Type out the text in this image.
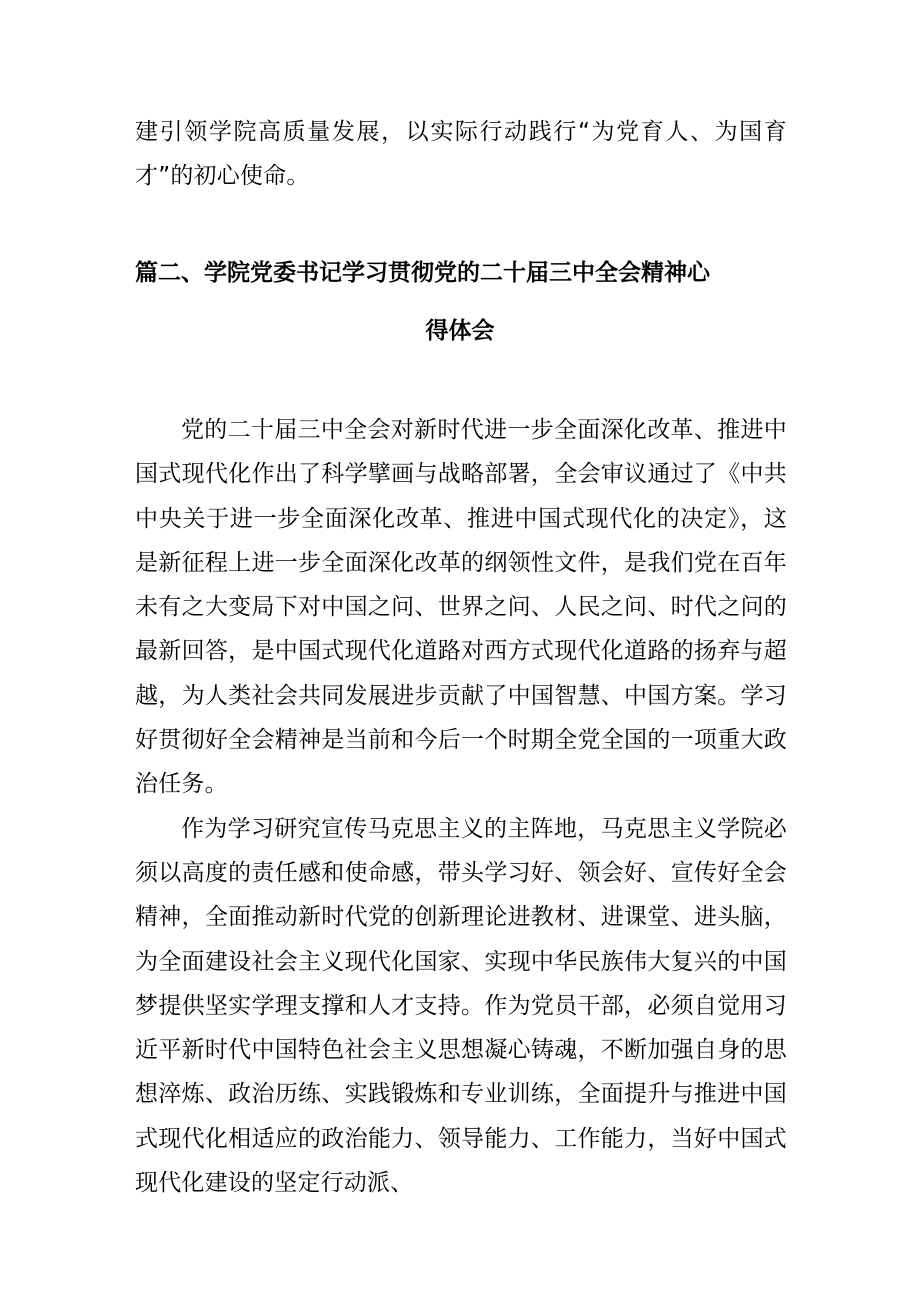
建引领学院高质量发展，以实际行动践行“为党育人、为国育才”的初心使命。
篇二、学院党委书记学习贯彻党的二十届三中全会精神心
得体会

党的二十届三中全会对新时代进一步全面深化改革、推进中国式现代化作出了科学擘画与战略部署，全会审议通过了《中共中央关于进一步全面深化改革、推进中国式现代化的决定》，这是新征程上进一步全面深化改革的纲领性文件，是我们党在百年未有之大变局下对中国之问、世界之问、人民之问、时代之问的最新回答，是中国式现代化道路对西方式现代化道路的扬弃与超越，为人类社会共同发展进步贡献了中国智慧、中国方案。学习好贯彻好全会精神是当前和今后一个时期全党全国的一项重大政治任务。

作为学习研究宣传马克思主义的主阵地，马克思主义学院必须以高度的责任感和使命感，带头学习好、领会好、宣传好全会精神，全面推动新时代党的创新理论进教材、进课堂、进头脑，为全面建设社会主义现代化国家、实现中华民族伟大复兴的中国梦提供坚实学理支撑和人才支持。作为党员干部，必须自觉用习近平新时代中国特色社会主义思想凝心铸魂，不断加强自身的思想淬炼、政治历练、实践锻炼和专业训练，全面提升与推进中国式现代化相适应的政治能力、领导能力、工作能力，当好中国式现代化建设的坚定行动派、
